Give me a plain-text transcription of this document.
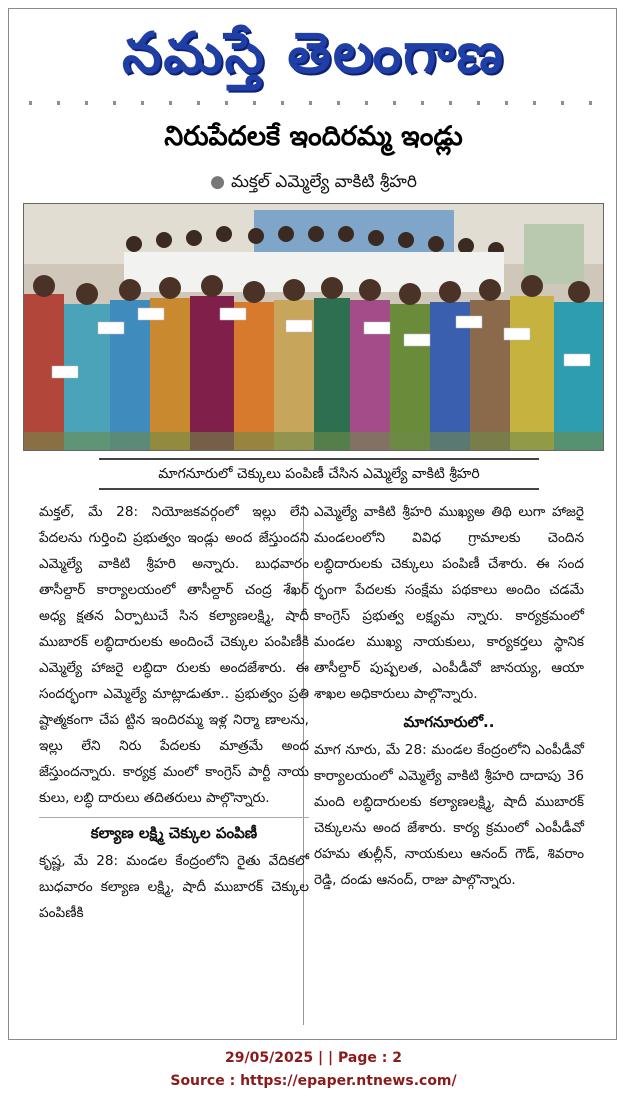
నమస్తే తెలంగాణ
నిరుపేదలకే ఇందిరమ్మ ఇండ్లు
● మక్తల్ ఎమ్మెల్యే వాకిటి శ్రీహరి
మాగనూరులో చెక్కులు పంపిణీ చేసిన ఎమ్మెల్యే వాకిటి శ్రీహరి

మక్తల్, మే 28: నియోజకవర్గంలో ఇల్లు లేని పేదలను గుర్తించి ప్రభుత్వం ఇండ్లు అంద జేస్తుందని ఎమ్మెల్యే వాకిటి శ్రీహరి అన్నారు. బుధవారం తాసీల్దార్ కార్యాలయంలో తాసీల్దార్ చంద్ర శేఖర్ అధ్య క్షతన ఏర్పాటుచే సిన కల్యాణలక్ష్మి, షాదీ ముబారక్ లబ్ధిదారులకు అందించే చెక్కుల పంపిణీకి ఎమ్మెల్యే హాజరై లబ్ధిదా రులకు అందజేశారు. ఈ సందర్భంగా ఎమ్మెల్యే మాట్లాడుతూ.. ప్రభుత్వం ప్రతి ష్టాత్మకంగా చేప ట్టిన ఇందిరమ్మ ఇళ్ల నిర్మా ణాలను, ఇల్లు లేని నిరు పేదలకు మాత్రమే అంద జేస్తుందన్నారు. కార్యక్ర మంలో కాంగ్రెస్ పార్టీ నాయ కులు, లబ్ధి దారులు తదితరులు పాల్గొన్నారు.

కల్యాణ లక్ష్మి చెక్కుల పంపిణీ

కృష్ణ, మే 28: మండల కేంద్రంలోని రైతు వేదికలో బుధవారం కల్యాణ లక్ష్మి, షాదీ ముబారక్ చెక్కుల పంపిణీకి

ఎమ్మెల్యే వాకిటి శ్రీహరి ముఖ్యఅ తిథి లుగా హాజరై మండలంలోని వివిధ గ్రామాలకు చెందిన లబ్ధిదారులకు చెక్కులు పంపిణీ చేశారు. ఈ సంద ర్భంగా పేదలకు సంక్షేమ పథకాలు అందిం చడమే కాంగ్రెస్ ప్రభుత్వ లక్ష్యమ న్నారు. కార్యక్రమంలో మండల ముఖ్య నాయకులు, కార్యకర్తలు స్థానిక తాసీల్దార్ పుష్పలత, ఎంపీడీవో జానయ్య, ఆయా శాఖల అధికారులు పాల్గొన్నారు.

మాగనూరులో..

మాగ నూరు, మే 28: మండల కేంద్రంలోని ఎంపీడీవో కార్యాలయంలో ఎమ్మెల్యే వాకిటి శ్రీహరి దాదాపు 36 మంది లబ్ధిదారులకు కల్యాణలక్ష్మి, షాదీ ముబారక్ చెక్కులను అంద జేశారు. కార్య క్రమంలో ఎంపీడీవో రహమ తుల్లీన్, నాయకులు ఆనంద్ గౌడ్, శివరాం రెడ్డి, దండు ఆనంద్, రాజు పాల్గొన్నారు.

29/05/2025 | | Page : 2
Source : https://epaper.ntnews.com/
